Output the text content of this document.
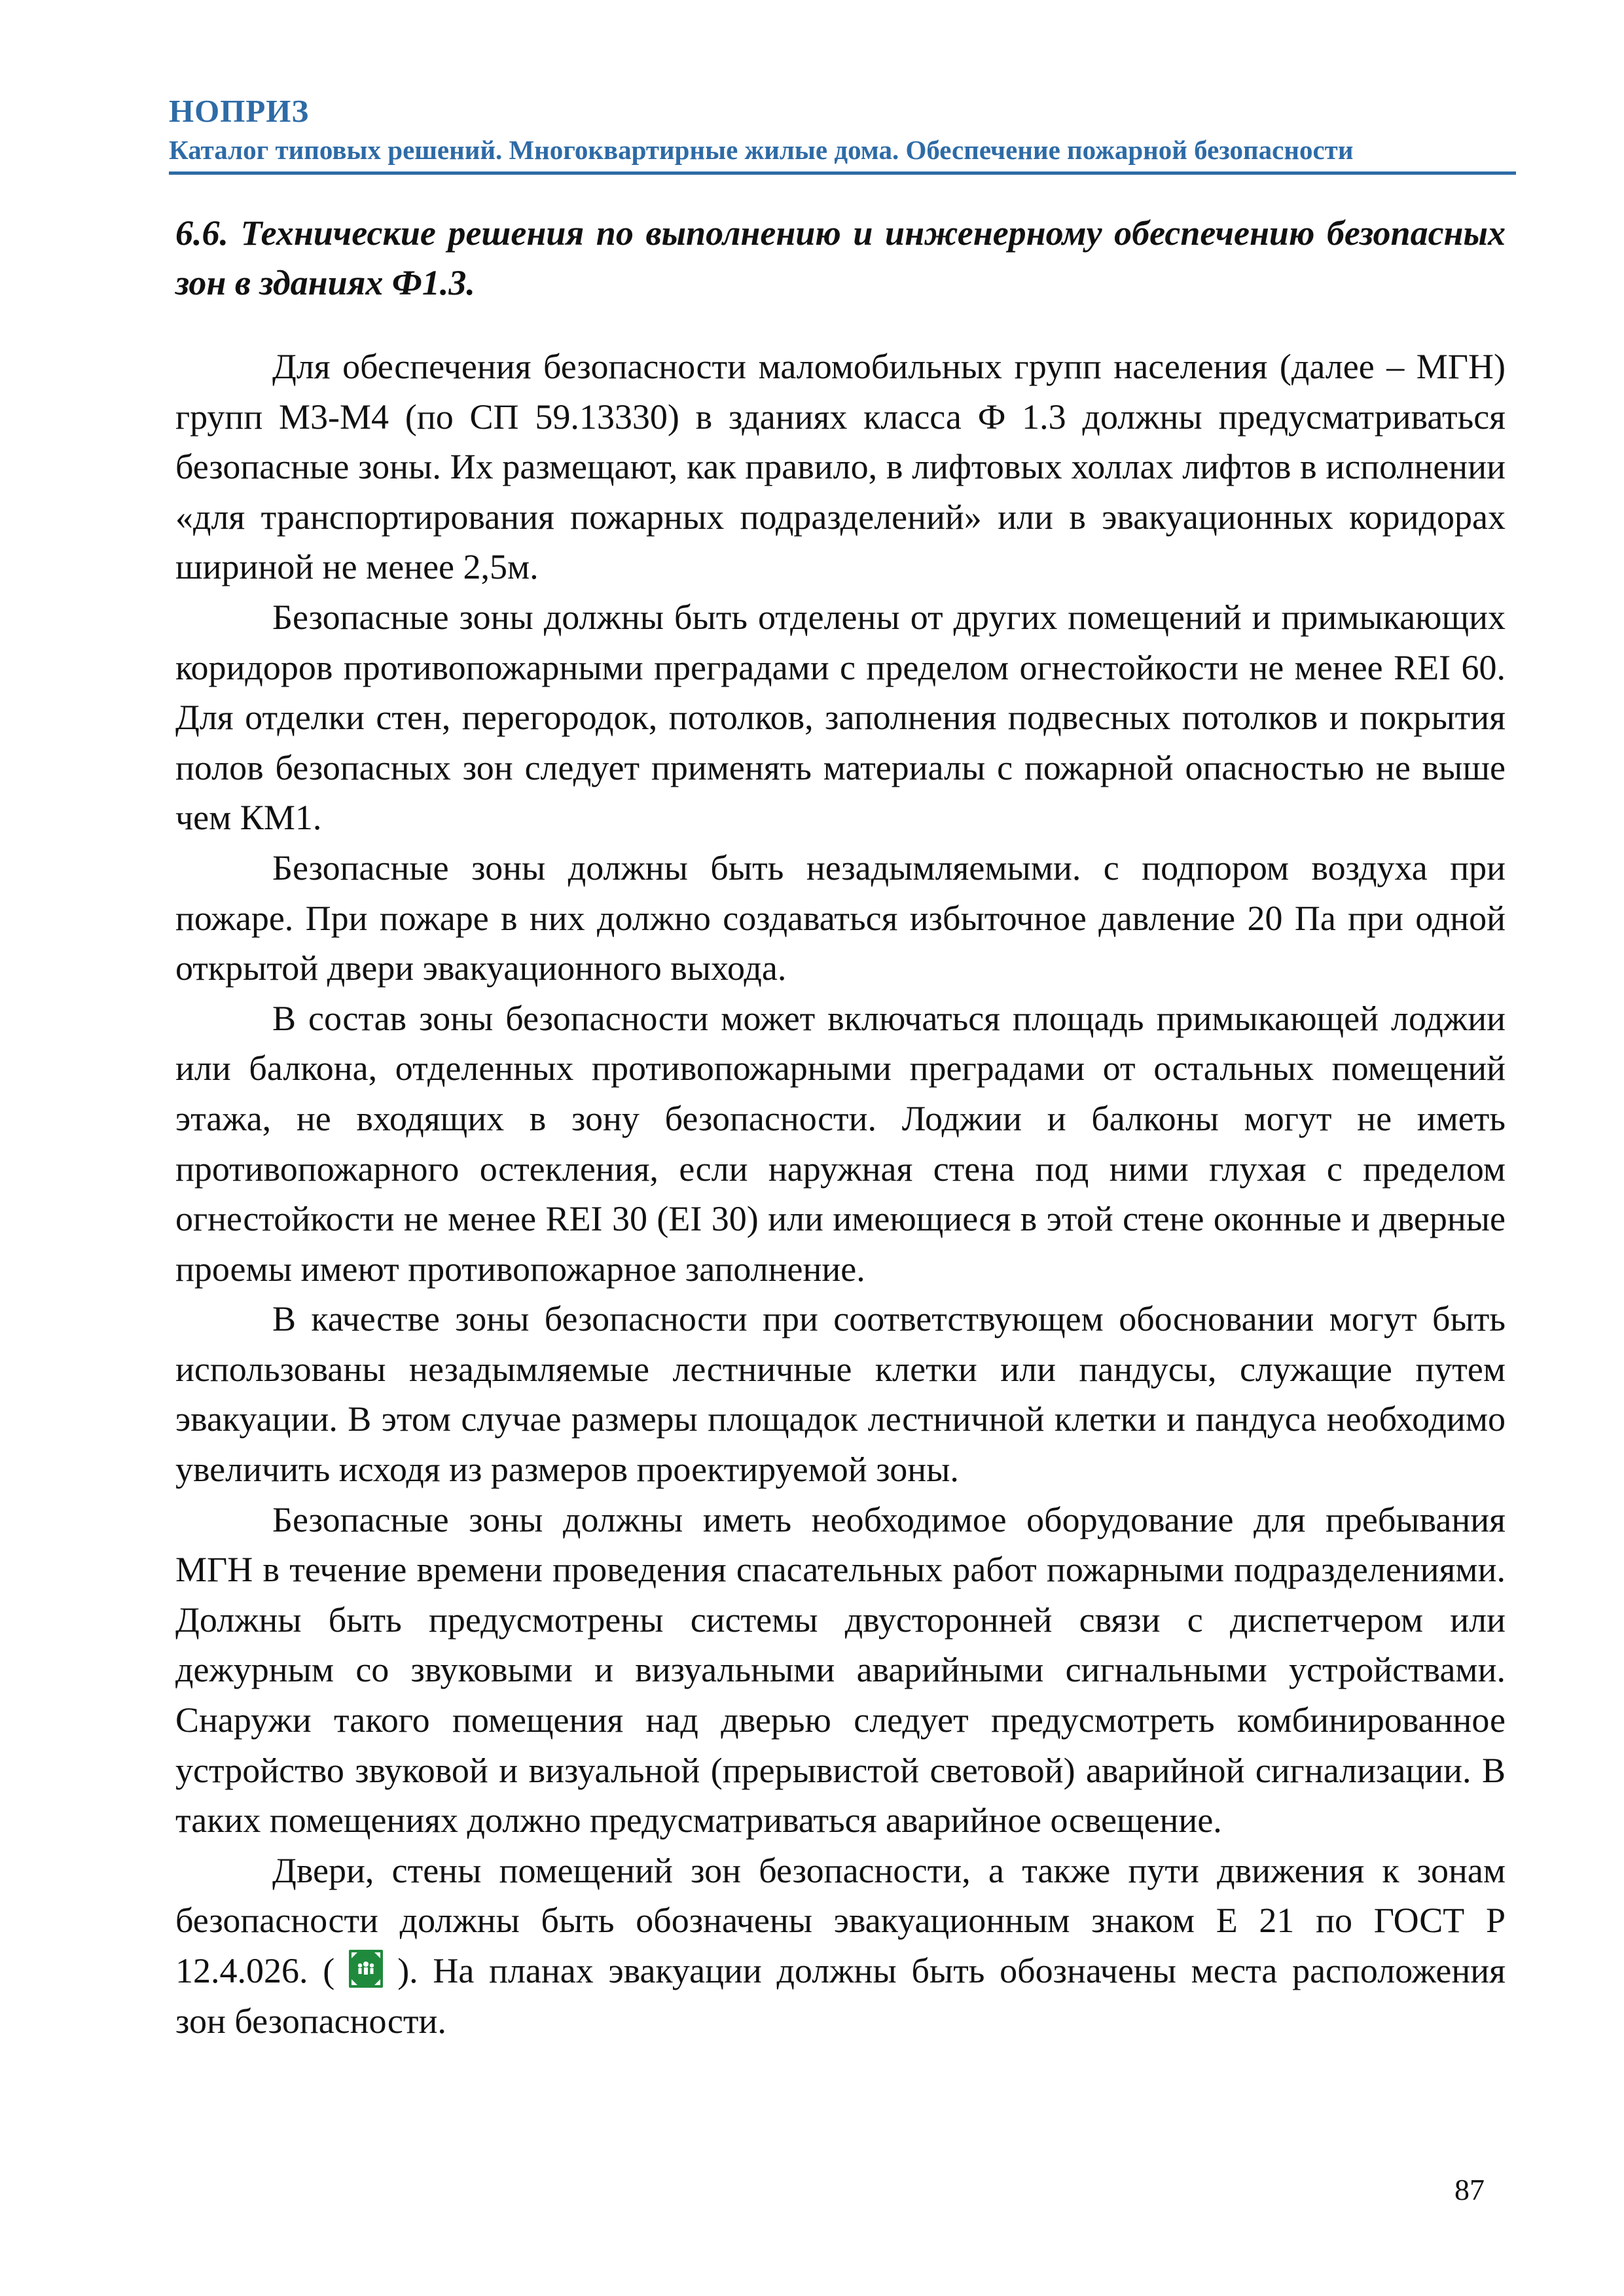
НОПРИЗ
Каталог типовых решений. Многоквартирные жилые дома. Обеспечение пожарной безопасности

6.6. Технические решения по выполнению и инженерному обеспечению безопасных зон в зданиях Ф1.3.

Для обеспечения безопасности маломобильных групп населения (далее – МГН) групп М3-М4 (по СП 59.13330) в зданиях класса Ф 1.3 должны предусматриваться безопасные зоны. Их размещают, как правило, в лифтовых холлах лифтов в исполнении «для транспортирования пожарных подразделений» или в эвакуационных коридорах шириной не менее 2,5м.

Безопасные зоны должны быть отделены от других помещений и примыкающих коридоров противопожарными преградами с пределом огнестойкости не менее REI 60. Для отделки стен, перегородок, потолков, заполнения подвесных потолков и покрытия полов безопасных зон следует применять материалы с пожарной опасностью не выше чем КМ1.

Безопасные зоны должны быть незадымляемыми. с подпором воздуха при пожаре. При пожаре в них должно создаваться избыточное давление 20 Па при одной открытой двери эвакуационного выхода.

В состав зоны безопасности может включаться площадь примыкающей лоджии или балкона, отделенных противопожарными преградами от остальных помещений этажа, не входящих в зону безопасности. Лоджии и балконы могут не иметь противопожарного остекления, если наружная стена под ними глухая с пределом огнестойкости не менее REI 30 (EI 30) или имеющиеся в этой стене оконные и дверные проемы имеют противопожарное заполнение.

В качестве зоны безопасности при соответствующем обосновании могут быть использованы незадымляемые лестничные клетки или пандусы, служащие путем эвакуации. В этом случае размеры площадок лестничной клетки и пандуса необходимо увеличить исходя из размеров проектируемой зоны.

Безопасные зоны должны иметь необходимое оборудование для пребывания МГН в течение времени проведения спасательных работ пожарными подразделениями. Должны быть предусмотрены системы двусторонней связи с диспетчером или дежурным со звуковыми и визуальными аварийными сигнальными устройствами. Снаружи такого помещения над дверью следует предусмотреть комбинированное устройство звуковой и визуальной (прерывистой световой) аварийной сигнализации. В таких помещениях должно предусматриваться аварийное освещение.

Двери, стены помещений зон безопасности, а также пути движения к зонам безопасности должны быть обозначены эвакуационным знаком Е 21 по ГОСТ Р 12.4.026. ( ). На планах эвакуации должны быть обозначены места расположения зон безопасности.

87
